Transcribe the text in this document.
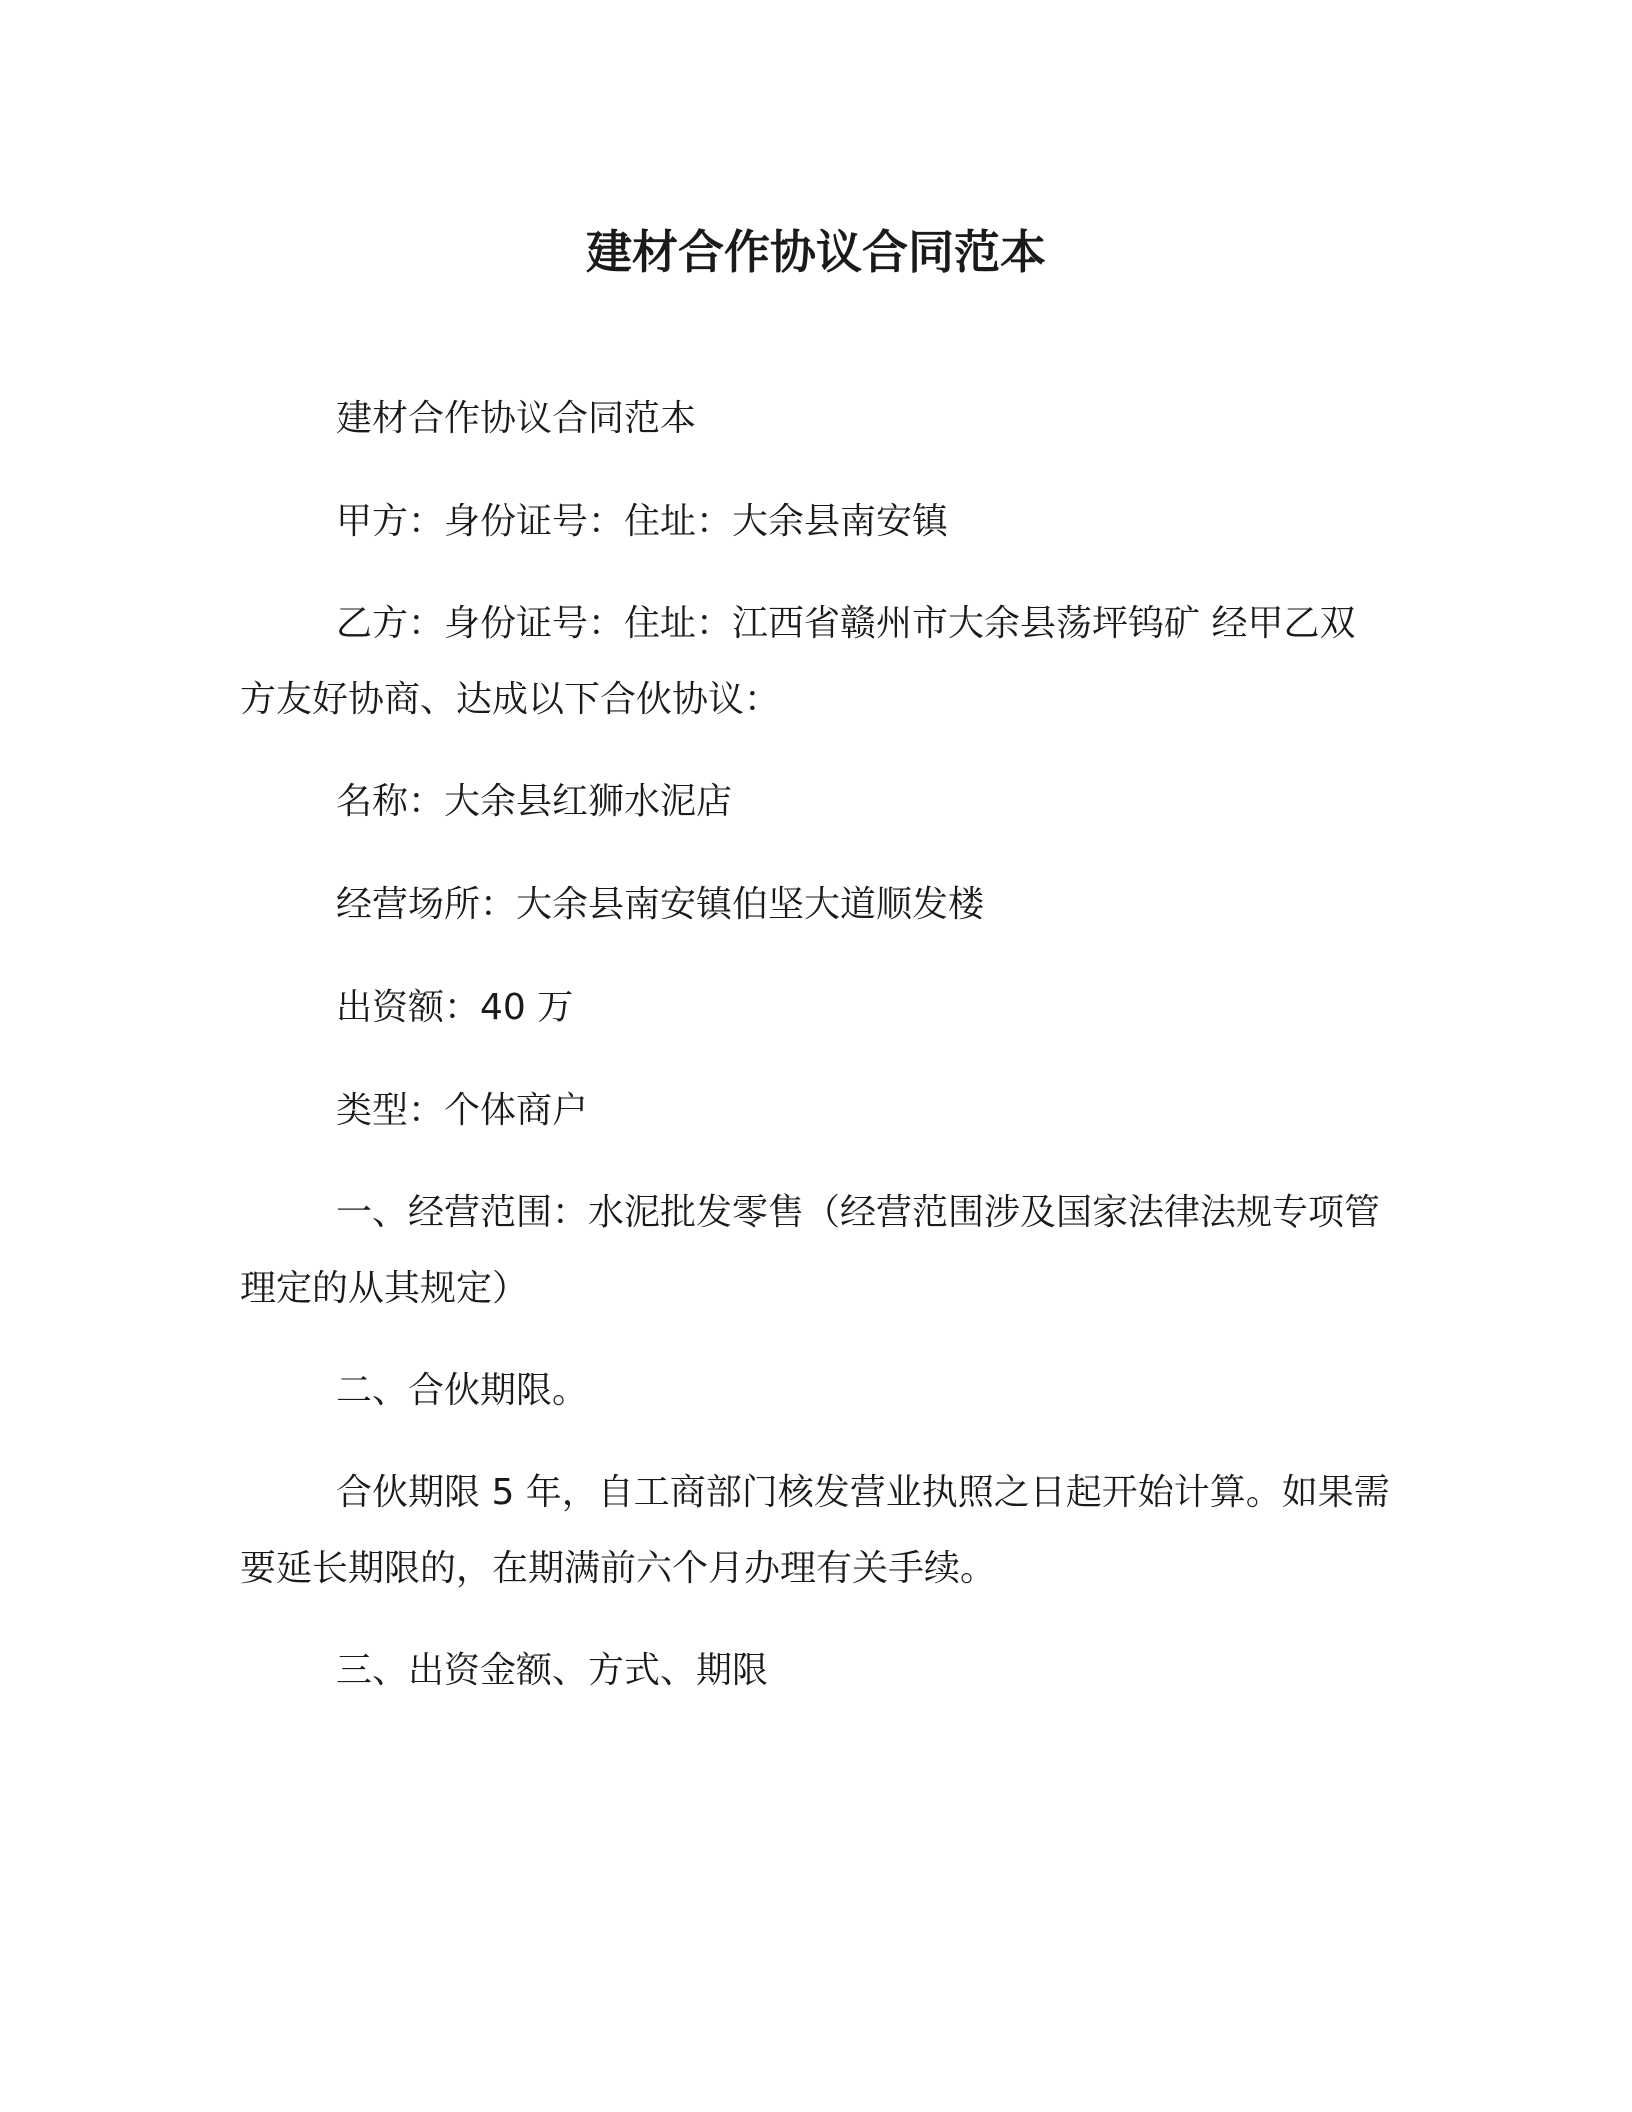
建材合作协议合同范本

建材合作协议合同范本

甲方：身份证号：住址：大余县南安镇

乙方：身份证号：住址：江西省赣州市大余县荡坪钨矿 经甲乙双方友好协商、达成以下合伙协议：

名称：大余县红狮水泥店

经营场所：大余县南安镇伯坚大道顺发楼

出资额：40 万

类型：个体商户

一、经营范围：水泥批发零售（经营范围涉及国家法律法规专项管理定的从其规定）

二、合伙期限。

合伙期限 5 年，自工商部门核发营业执照之日起开始计算。如果需要延长期限的，在期满前六个月办理有关手续。

三、出资金额、方式、期限
